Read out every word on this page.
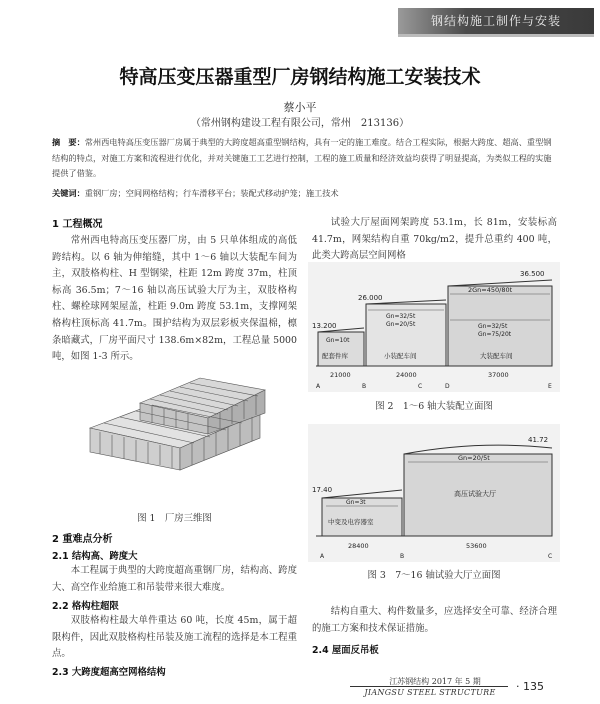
钢结构施工制作与安装
特高压变压器重型厂房钢结构施工安装技术
蔡小平
（常州钢构建设工程有限公司，常州　213136）
摘　要：常州西电特高压变压器厂房属于典型的大跨度超高重型钢结构，具有一定的施工难度。结合工程实际，根据大跨度、超高、重型钢结构的特点，对施工方案和流程进行优化，并对关键施工工艺进行控制，工程的施工质量和经济效益均获得了明显提高，为类似工程的实施提供了借鉴。
关键词：重钢厂房；空间网格结构；行车滑移平台；装配式移动护笼；施工技术
1 工程概况

常州西电特高压变压器厂房，由 5 只单体组成的高低跨结构。以 6 轴为伸缩缝，其中 1～6 轴以大装配车间为主，双肢格构柱、H 型钢梁，柱距 12m 跨度 37m，柱顶标高 36.5m；7～16 轴以高压试验大厅为主，双肢格构柱、螺栓球网架屋盖，柱距 9.0m 跨度 53.1m，支撑网架格构柱顶标高 41.7m。围护结构为双层彩板夹保温棉，檩条暗藏式，厂房平面尺寸 138.6m×82m，工程总量 5000 吨，如图 1-3 所示。

图 1　厂房三维图
2 重难点分析
2.1 结构高、跨度大

本工程属于典型的大跨度超高重钢厂房，结构高、跨度大、高空作业给施工和吊装带来很大难度。

2.2 格构柱超限

双肢格构柱最大单件重达 60 吨，长度 45m，属于超限构件，因此双肢格构柱吊装及施工流程的选择是本工程重点。

2.3 大跨度超高空网格结构

试验大厅屋面网架跨度 53.1m，长 81m，安装标高 41.7m，网架结构自重 70kg/m2，提升总重约 400 吨，此类大跨高层空间网格

13.200
26.000
36.500
2Gn=450/80t
Gn=32/5t
Gn=20/5t	Gn=32/5t
Gn=75/20t
Gn=10t
配套件库	小装配车间	大装配车间
21000	24000	37000
A	B	C	D	E
图 2　1～6 轴大装配立面图
41.72
17.40
Gn=20/5t
Gn=3t
高压试验大厅
中变及电容器室
28400	53600
A	B	C
图 3　7～16 轴试验大厅立面图

结构自重大、构件数量多，应选择安全可靠、经济合理的施工方案和技术保证措施。

2.4 屋面反吊板
江苏钢结构 2017 年 5 期
JIANGSU STEEL STRUCTURE	· 135
